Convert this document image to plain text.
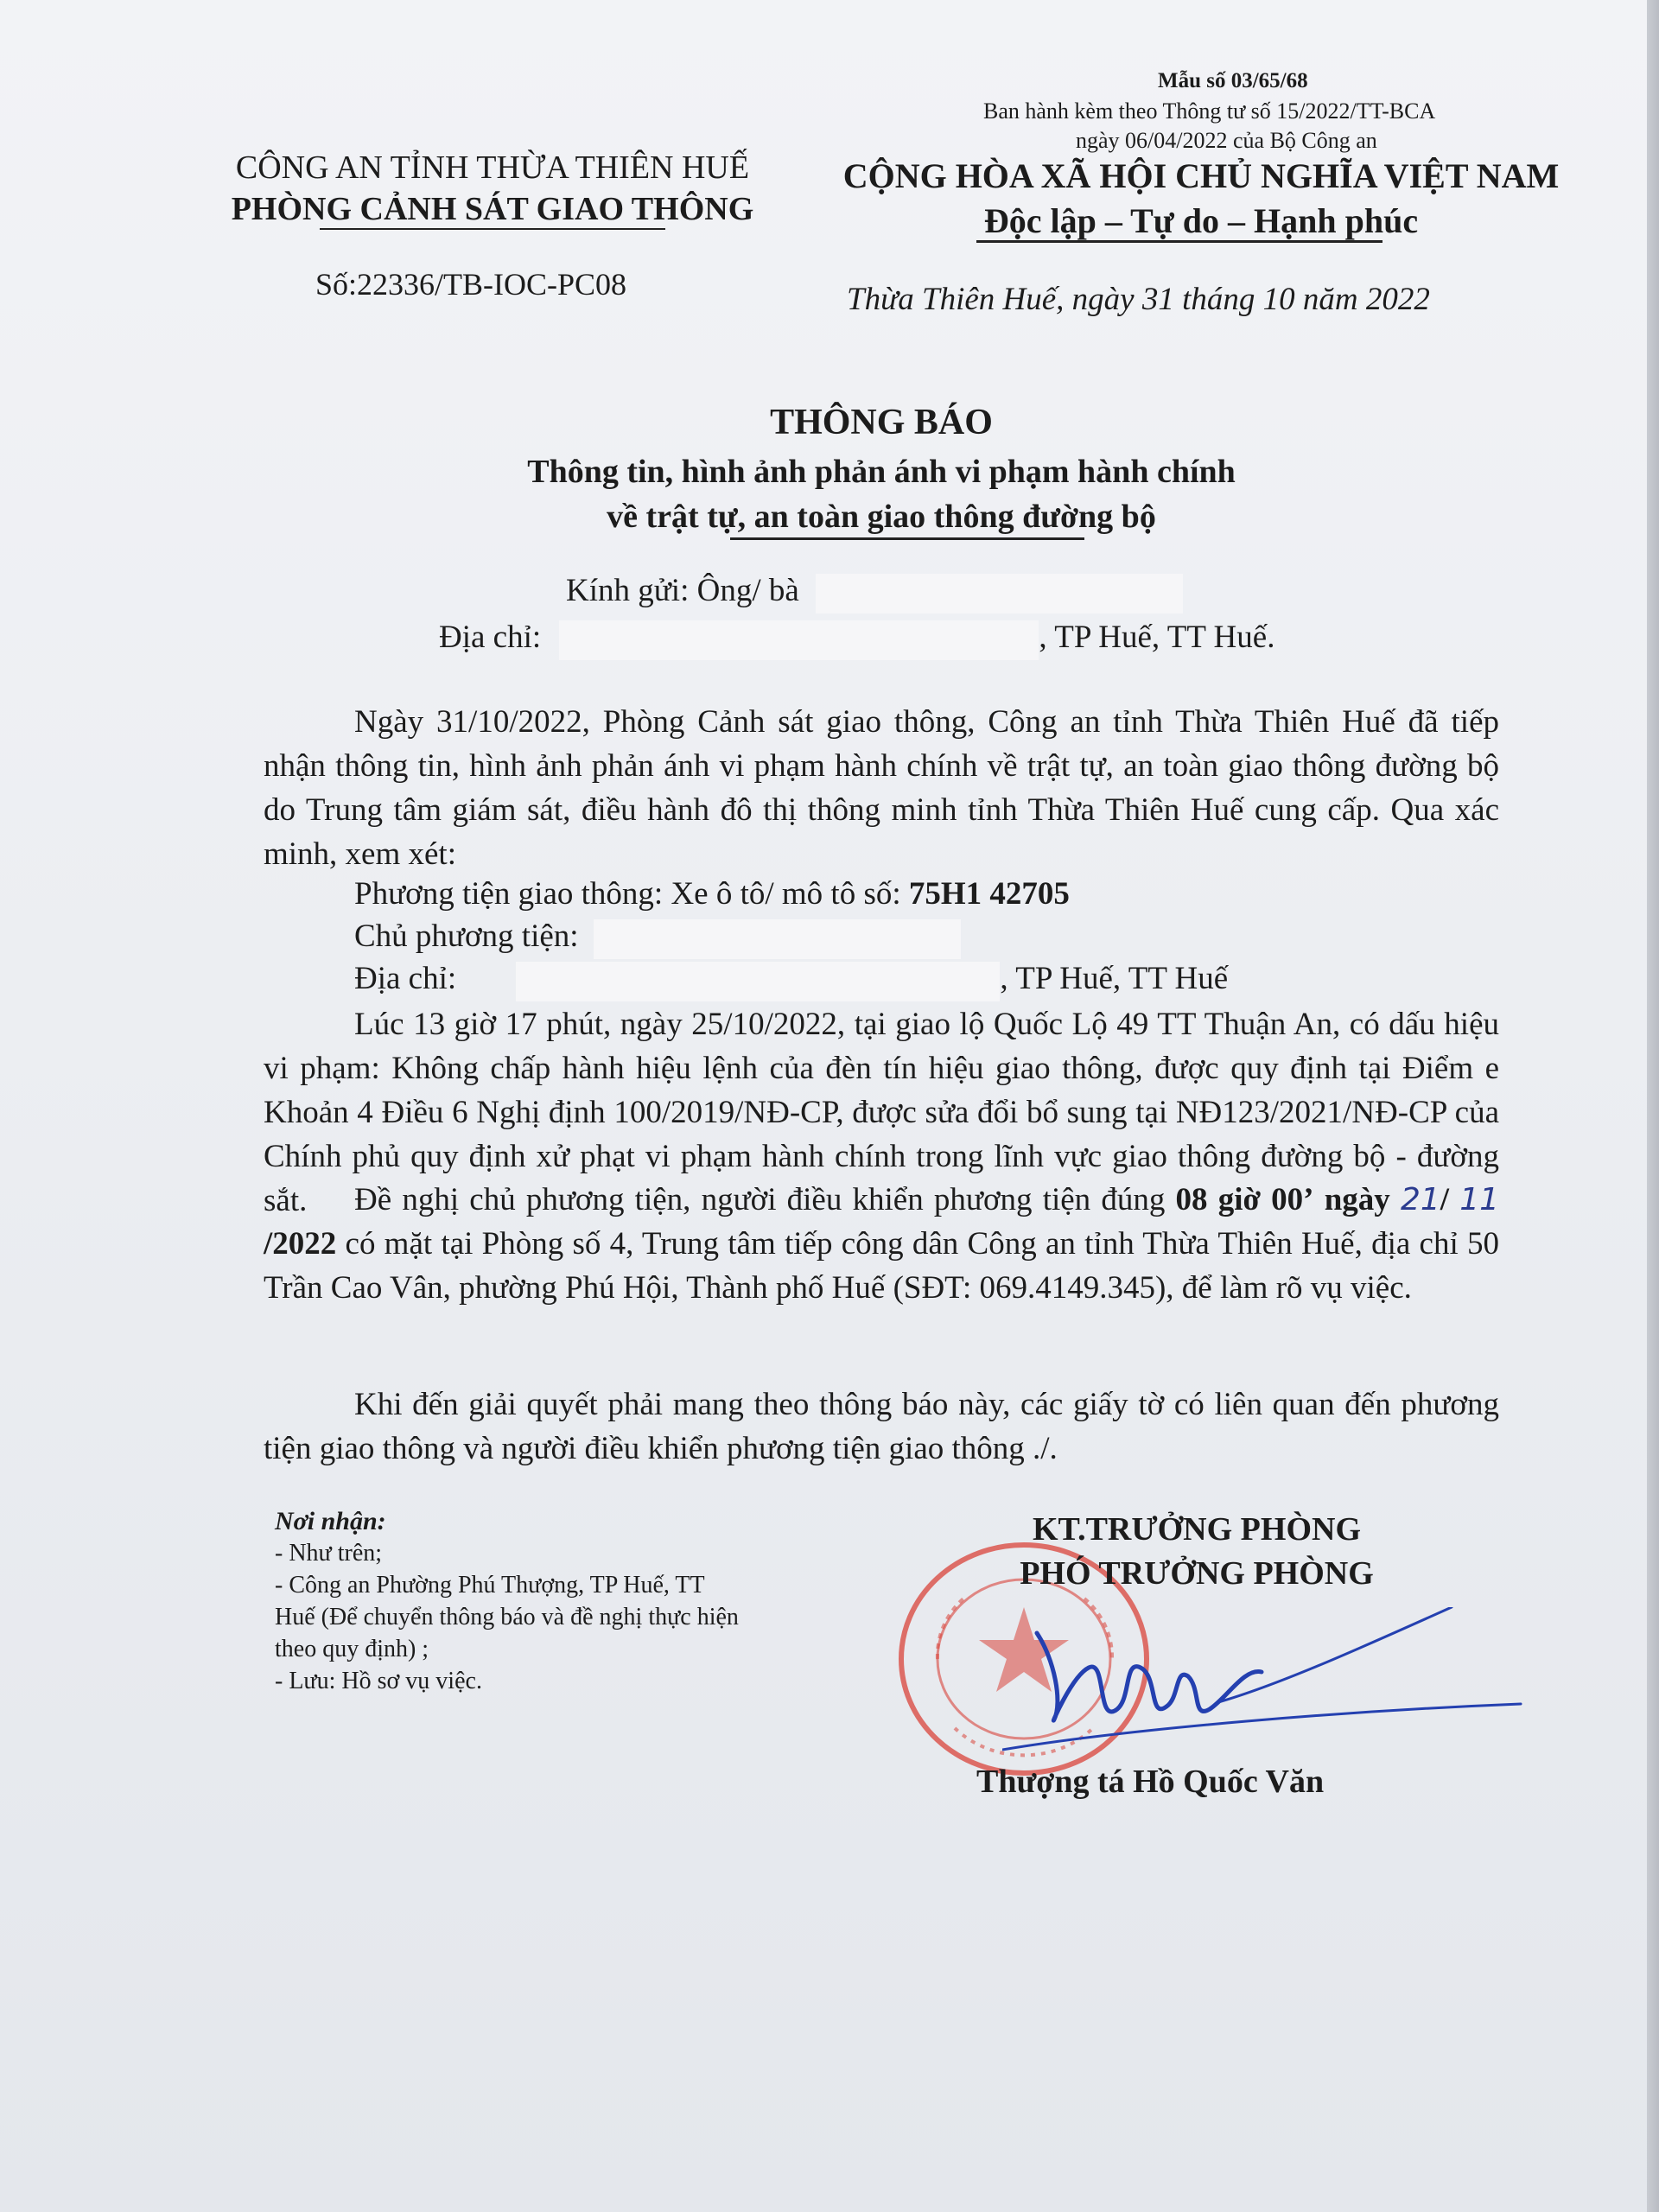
Mẫu số 03/65/68
Ban hành kèm theo Thông tư số 15/2022/TT-BCA
ngày 06/04/2022 của Bộ Công an
CÔNG AN TỈNH THỪA THIÊN HUẾ
PHÒNG CẢNH SÁT GIAO THÔNG
CỘNG HÒA XÃ HỘI CHỦ NGHĨA VIỆT NAM
Độc lập – Tự do – Hạnh phúc
Số:22336/TB-IOC-PC08	Thừa Thiên Huế, ngày 31 tháng 10 năm 2022
THÔNG BÁO
Thông tin, hình ảnh phản ánh vi phạm hành chính
về trật tự, an toàn giao thông đường bộ
Kính gửi: Ông/ bà
Địa chỉ:	, TP Huế, TT Huế.
Ngày 31/10/2022, Phòng Cảnh sát giao thông, Công an tỉnh Thừa Thiên Huế đã tiếp nhận thông tin, hình ảnh phản ánh vi phạm hành chính về trật tự, an toàn giao thông đường bộ do Trung tâm giám sát, điều hành đô thị thông minh tỉnh Thừa Thiên Huế cung cấp. Qua xác minh, xem xét:
Phương tiện giao thông: Xe ô tô/ mô tô số: 75H1 42705
Chủ phương tiện:
Địa chỉ:	, TP Huế, TT Huế
Lúc 13 giờ 17 phút, ngày 25/10/2022, tại giao lộ Quốc Lộ 49 TT Thuận An, có dấu hiệu vi phạm: Không chấp hành hiệu lệnh của đèn tín hiệu giao thông, được quy định tại Điểm e Khoản 4 Điều 6 Nghị định 100/2019/NĐ-CP, được sửa đổi bổ sung tại NĐ123/2021/NĐ-CP của Chính phủ quy định xử phạt vi phạm hành chính trong lĩnh vực giao thông đường bộ - đường sắt.	Đề nghị chủ phương tiện, người điều khiển phương tiện đúng 08 giờ 00’ ngày 21/ 11 /2022 có mặt tại Phòng số 4, Trung tâm tiếp công dân Công an tỉnh Thừa Thiên Huế, địa chỉ 50 Trần Cao Vân, phường Phú Hội, Thành phố Huế (SĐT: 069.4149.345), để làm rõ vụ việc.
Khi đến giải quyết phải mang theo thông báo này, các giấy tờ có liên quan đến phương tiện giao thông và người điều khiển phương tiện giao thông ./.
Nơi nhận:
- Như trên;
- Công an Phường Phú Thượng, TP Huế, TT
Huế (Để chuyển thông báo và đề nghị thực hiện
theo quy định) ;
- Lưu: Hồ sơ vụ việc.
KT.TRƯỞNG PHÒNG
PHÓ TRƯỞNG PHÒNG
Thượng tá Hồ Quốc Văn
